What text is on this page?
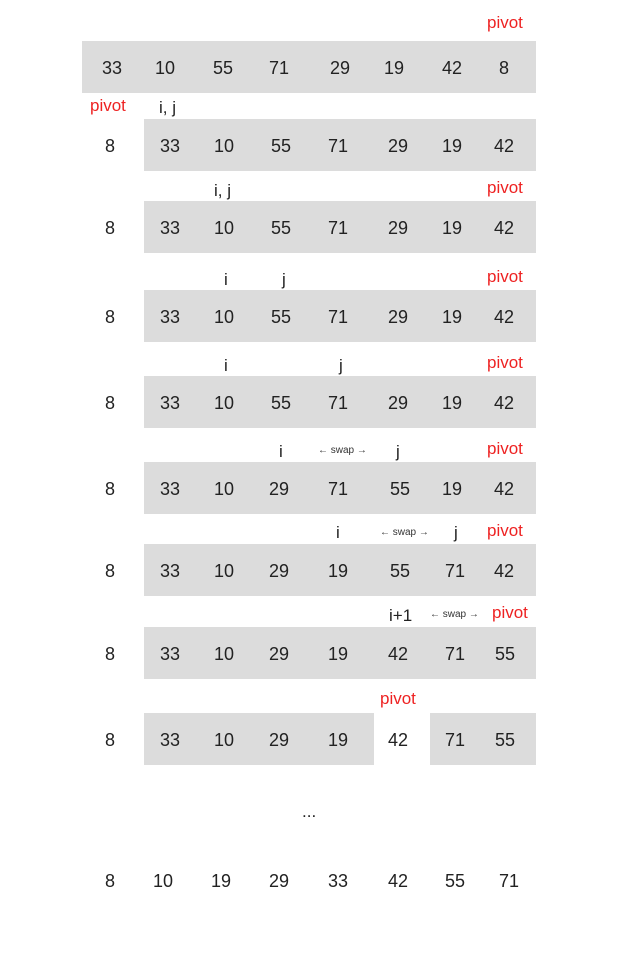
33	10	55	71	29	19	42	8
pivot
pivot i, j
8	33	10	55	71	29	19	42
i, j	pivot
8	33	10	55	71	29	19	42
i	j	pivot
8	33	10	55	71	29	19	42
i	j	pivot
8	33	10	55	71	29	19	42
i	← swap → j	pivot
8	33	10	29	71	55	19	42
i	← swap → j pivot
8	33	10	29	19	55	71	42
i+1 ← swap → pivot
8	33	10	29	19	42	71	55
pivot
8	33	10	29	19	42	71	55
...
8	10	19	29	33	42	55	71
